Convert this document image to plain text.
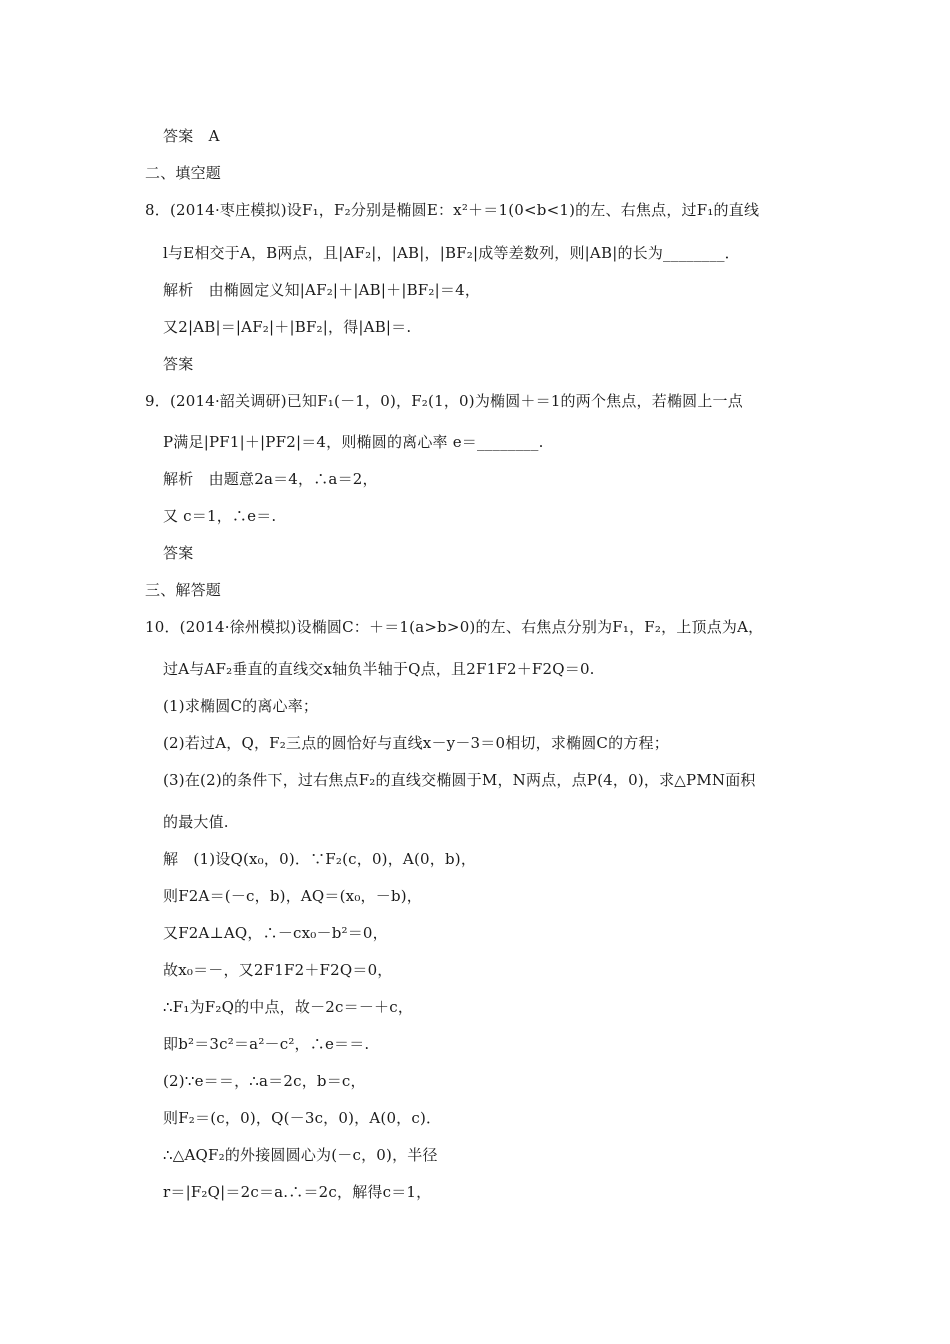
答案　A
二、填空题
8．(2014·枣庄模拟)设F₁，F₂分别是椭圆E：x²＋＝1(0<b<1)的左、右焦点，过F₁的直线
l与E相交于A，B两点，且|AF₂|，|AB|，|BF₂|成等差数列，则|AB|的长为________．
解析　由椭圆定义知|AF₂|＋|AB|＋|BF₂|＝4，
又2|AB|＝|AF₂|＋|BF₂|，得|AB|＝.
答案
9．(2014·韶关调研)已知F₁(－1，0)，F₂(1，0)为椭圆＋＝1的两个焦点，若椭圆上一点
P满足|PF1|＋|PF2|＝4，则椭圆的离心率 e＝________.
解析　由题意2a＝4，∴a＝2，
又 c＝1，∴e＝.
答案
三、解答题
10．(2014·徐州模拟)设椭圆C：＋＝1(a>b>0)的左、右焦点分别为F₁，F₂，上顶点为A，
过A与AF₂垂直的直线交x轴负半轴于Q点，且2F1F2＋F2Q＝0.
(1)求椭圆C的离心率；
(2)若过A，Q，F₂三点的圆恰好与直线x－y－3＝0相切，求椭圆C的方程；
(3)在(2)的条件下，过右焦点F₂的直线交椭圆于M，N两点，点P(4，0)，求△PMN面积
的最大值.
解　(1)设Q(x₀，0)．∵F₂(c，0)，A(0，b)，
则F2A＝(－c，b)，AQ＝(x₀，－b)，
又F2A⊥AQ，∴－cx₀－b²＝0，
故x₀＝－，又2F1F2＋F2Q＝0，
∴F₁为F₂Q的中点，故－2c＝－＋c，
即b²＝3c²＝a²－c²，∴e＝＝.
(2)∵e＝＝，∴a＝2c，b＝c，
则F₂＝(c，0)，Q(－3c，0)，A(0，c)．
∴△AQF₂的外接圆圆心为(－c，0)，半径
r＝|F₂Q|＝2c＝a.∴＝2c，解得c＝1，
